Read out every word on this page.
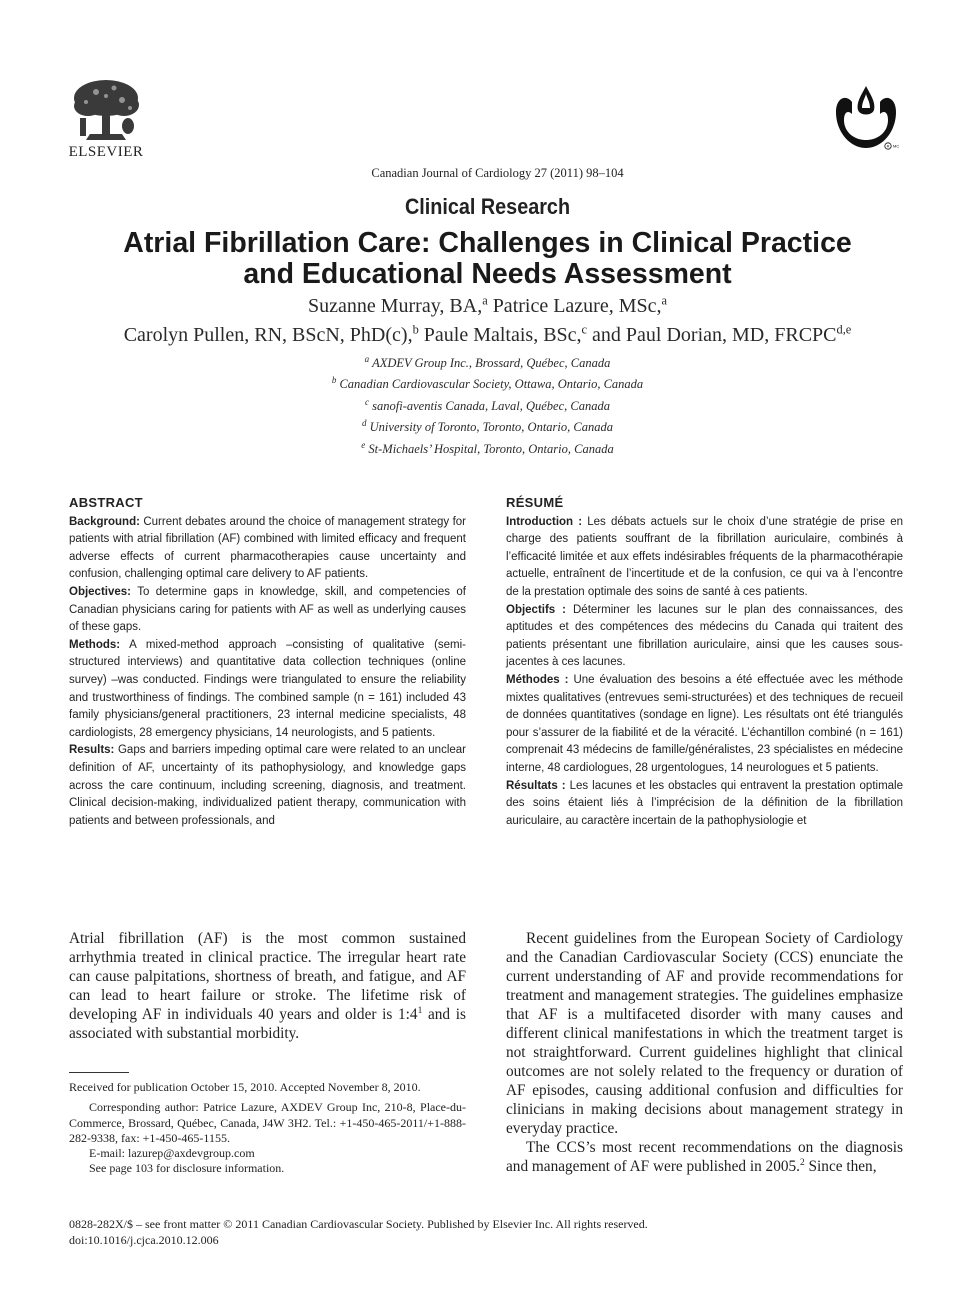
ELSEVIER	R MC
Canadian Journal of Cardiology 27 (2011) 98–104
Clinical Research
Atrial Fibrillation Care: Challenges in Clinical Practice
and Educational Needs Assessment
Suzanne Murray, BA,$^a$ Patrice Lazure, MSc,$^a$
Carolyn Pullen, RN, BScN, PhD(c),$^b$ Paule Maltais, BSc,$^c$ and Paul Dorian, MD, FRCPC$^{d,e}$
$^a$ AXDEV Group Inc., Brossard, Québec, Canada
$^b$ Canadian Cardiovascular Society, Ottawa, Ontario, Canada
$^c$ sanofi-aventis Canada, Laval, Québec, Canada
$^d$ University of Toronto, Toronto, Ontario, Canada
$^e$ St-Michaels’ Hospital, Toronto, Ontario, Canada
ABSTRACT

Background: Current debates around the choice of management strategy for patients with atrial fibrillation (AF) combined with limited efficacy and frequent adverse effects of current pharmacotherapies cause uncertainty and confusion, challenging optimal care delivery to AF patients.

Objectives: To determine gaps in knowledge, skill, and competencies of Canadian physicians caring for patients with AF as well as underlying causes of these gaps.

Methods: A mixed-method approach –consisting of qualitative (semi-structured interviews) and quantitative data collection techniques (online survey) –was conducted. Findings were triangulated to ensure the reliability and trustworthiness of findings. The combined sample (n = 161) included 43 family physicians/general practitioners, 23 internal medicine specialists, 48 cardiologists, 28 emergency physicians, 14 neurologists, and 5 patients.

Results: Gaps and barriers impeding optimal care were related to an unclear definition of AF, uncertainty of its pathophysiology, and knowledge gaps across the care continuum, including screening, diagnosis, and treatment. Clinical decision-making, individualized patient therapy, communication with patients and between professionals, and

RÉSUMÉ

Introduction : Les débats actuels sur le choix d’une stratégie de prise en charge des patients souffrant de la fibrillation auriculaire, combinés à l’efficacité limitée et aux effets indésirables fréquents de la pharmacothérapie actuelle, entraînent de l’incertitude et de la confusion, ce qui va à l’encontre de la prestation optimale des soins de santé à ces patients.

Objectifs : Déterminer les lacunes sur le plan des connaissances, des aptitudes et des compétences des médecins du Canada qui traitent des patients présentant une fibrillation auriculaire, ainsi que les causes sous-jacentes à ces lacunes.

Méthodes : Une évaluation des besoins a été effectuée avec les méthode mixtes qualitatives (entrevues semi-structurées) et des techniques de recueil de données quantitatives (sondage en ligne). Les résultats ont été triangulés pour s’assurer de la fiabilité et de la véracité. L’échantillon combiné (n = 161) comprenait 43 médecins de famille/généralistes, 23 spécialistes en médecine interne, 48 cardiologues, 28 urgentologues, 14 neurologues et 5 patients.

Résultats : Les lacunes et les obstacles qui entravent la prestation optimale des soins étaient liés à l’imprécision de la définition de la fibrillation auriculaire, au caractère incertain de la pathophysiologie et

Atrial fibrillation (AF) is the most common sustained arrhythmia treated in clinical practice. The irregular heart rate can cause palpitations, shortness of breath, and fatigue, and AF can lead to heart failure or stroke. The lifetime risk of developing AF in individuals 40 years and older is $1:4^1$ and is associated with substantial morbidity.

Recent guidelines from the European Society of Cardiology and the Canadian Cardiovascular Society (CCS) enunciate the current understanding of AF and provide recommendations for treatment and management strategies. The guidelines emphasize that AF is a multifaceted disorder with many causes and different clinical manifestations in which the treatment target is not straightforward. Current guidelines highlight that clinical outcomes are not solely related to the frequency or duration of AF episodes, causing additional confusion and difficulties for clinicians in making decisions about management strategy in everyday practice.

The CCS’s most recent recommendations on the diagnosis and management of AF were published in 2005.$^2$ Since then,

Received for publication October 15, 2010. Accepted November 8, 2010.
Corresponding author: Patrice Lazure, AXDEV Group Inc, 210-8, Place-du-Commerce, Brossard, Québec, Canada, J4W 3H2. Tel.: +1-450-465-2011/+1-888-282-9338, fax: +1-450-465-1155.
E-mail: lazurep@axdevgroup.com
See page 103 for disclosure information.
0828-282X/$ – see front matter © 2011 Canadian Cardiovascular Society. Published by Elsevier Inc. All rights reserved.
doi:10.1016/j.cjca.2010.12.006
